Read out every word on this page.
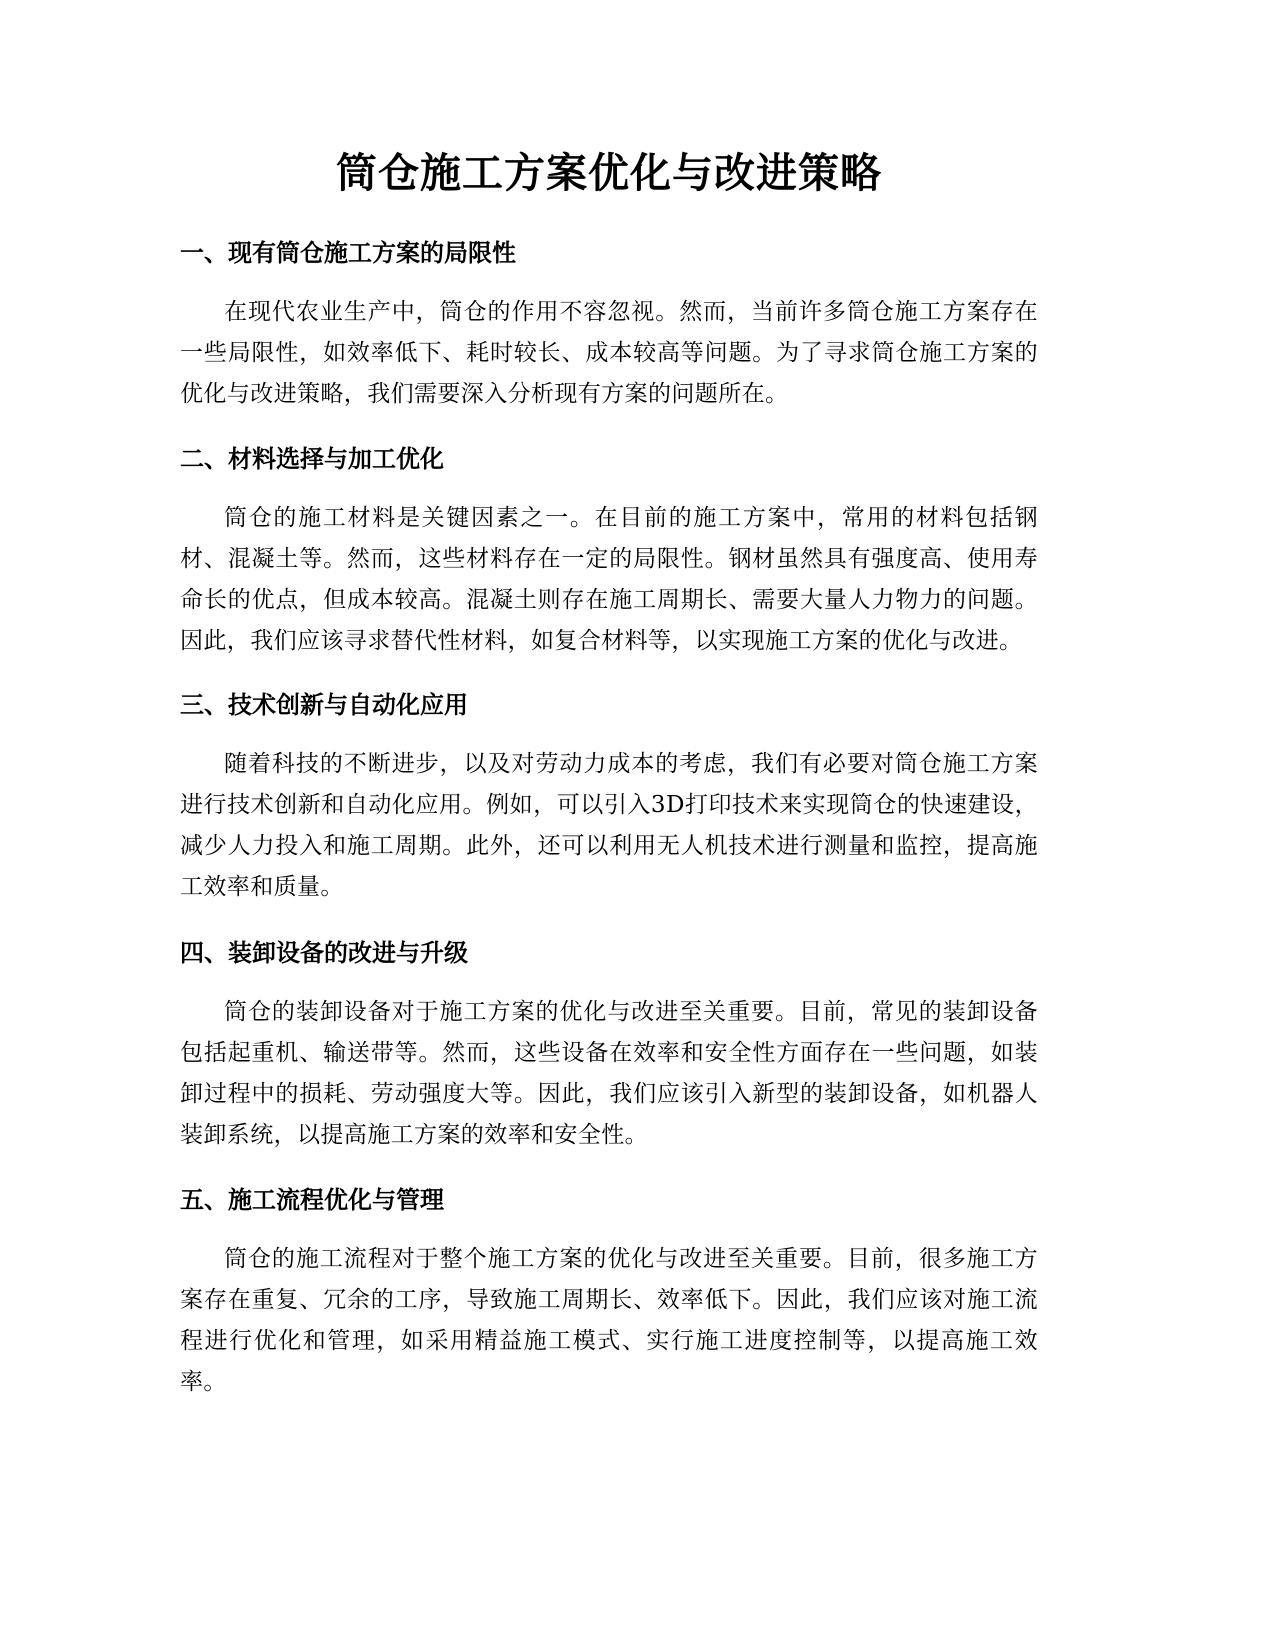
筒仓施工方案优化与改进策略
一、现有筒仓施工方案的局限性

在现代农业生产中，筒仓的作用不容忽视。然而，当前许多筒仓施工方案存在一些局限性，如效率低下、耗时较长、成本较高等问题。为了寻求筒仓施工方案的优化与改进策略，我们需要深入分析现有方案的问题所在。

二、材料选择与加工优化

筒仓的施工材料是关键因素之一。在目前的施工方案中，常用的材料包括钢材、混凝土等。然而，这些材料存在一定的局限性。钢材虽然具有强度高、使用寿命长的优点，但成本较高。混凝土则存在施工周期长、需要大量人力物力的问题。因此，我们应该寻求替代性材料，如复合材料等，以实现施工方案的优化与改进。

三、技术创新与自动化应用

随着科技的不断进步，以及对劳动力成本的考虑，我们有必要对筒仓施工方案进行技术创新和自动化应用。例如，可以引入3D打印技术来实现筒仓的快速建设，减少人力投入和施工周期。此外，还可以利用无人机技术进行测量和监控，提高施工效率和质量。

四、装卸设备的改进与升级

筒仓的装卸设备对于施工方案的优化与改进至关重要。目前，常见的装卸设备包括起重机、输送带等。然而，这些设备在效率和安全性方面存在一些问题，如装卸过程中的损耗、劳动强度大等。因此，我们应该引入新型的装卸设备，如机器人装卸系统，以提高施工方案的效率和安全性。

五、施工流程优化与管理

筒仓的施工流程对于整个施工方案的优化与改进至关重要。目前，很多施工方案存在重复、冗余的工序，导致施工周期长、效率低下。因此，我们应该对施工流程进行优化和管理，如采用精益施工模式、实行施工进度控制等，以提高施工效率。
